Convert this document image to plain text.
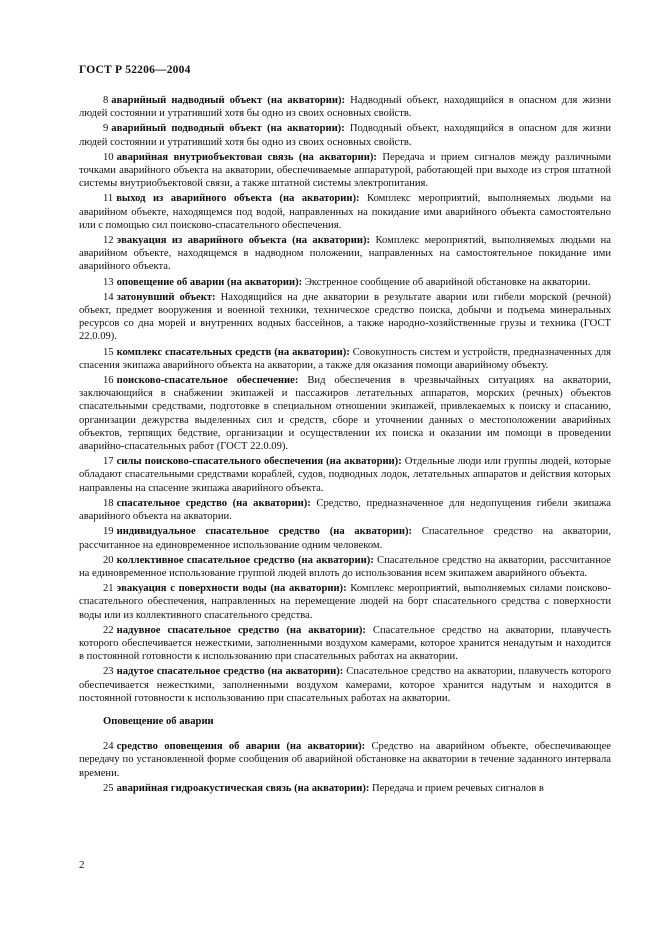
ГОСТ Р 52206—2004

8 аварийный надводный объект (на акватории): Надводный объект, находящийся в опасном для жизни людей состоянии и утративший хотя бы одно из своих основных свойств.

9 аварийный подводный объект (на акватории): Подводный объект, находящийся в опасном для жизни людей состоянии и утративший хотя бы одно из своих основных свойств.

10 аварийная внутриобъектовая связь (на акватории): Передача и прием сигналов между различными точками аварийного объекта на акватории, обеспечиваемые аппаратурой, работающей при выходе из строя штатной системы внутриобъектовой связи, а также штатной системы электропитания.

11 выход из аварийного объекта (на акватории): Комплекс мероприятий, выполняемых людьми на аварийном объекте, находящемся под водой, направленных на покидание ими аварийного объекта самостоятельно или с помощью сил поисково-спасательного обеспечения.

12 эвакуация из аварийного объекта (на акватории): Комплекс мероприятий, выполняемых людьми на аварийном объекте, находящемся в надводном положении, направленных на самостоятельное покидание ими аварийного объекта.

13 оповещение об аварии (на акватории): Экстренное сообщение об аварийной обстановке на акватории.

14 затонувший объект: Находящийся на дне акватории в результате аварии или гибели морской (речной) объект, предмет вооружения и военной техники, техническое средство поиска, добычи и подъема минеральных ресурсов со дна морей и внутренних водных бассейнов, а также народно-хозяйственные грузы и техника (ГОСТ 22.0.09).

15 комплекс спасательных средств (на акватории): Совокупность систем и устройств, предназначенных для спасения экипажа аварийного объекта на акватории, а также для оказания помощи аварийному объекту.

16 поисково-спасательное обеспечение: Вид обеспечения в чрезвычайных ситуациях на акватории, заключающийся в снабжении экипажей и пассажиров летательных аппаратов, морских (речных) объектов спасательными средствами, подготовке в специальном отношении экипажей, привлекаемых к поиску и спасанию, организации дежурства выделенных сил и средств, сборе и уточнении данных о местоположении аварийных объектов, терпящих бедствие, организации и осуществлении их поиска и оказании им помощи в проведении аварийно-спасательных работ (ГОСТ 22.0.09).

17 силы поисково-спасательного обеспечения (на акватории): Отдельные люди или группы людей, которые обладают спасательными средствами кораблей, судов, подводных лодок, летательных аппаратов и действия которых направлены на спасение экипажа аварийного объекта.

18 спасательное средство (на акватории): Средство, предназначенное для недопущения гибели экипажа аварийного объекта на акватории.

19 индивидуальное спасательное средство (на акватории): Спасательное средство на акватории, рассчитанное на единовременное использование одним человеком.

20 коллективное спасательное средство (на акватории): Спасательное средство на акватории, рассчитанное на единовременное использование группой людей вплоть до использования всем экипажем аварийного объекта.

21 эвакуация с поверхности воды (на акватории): Комплекс мероприятий, выполняемых силами поисково-спасательного обеспечения, направленных на перемещение людей на борт спасательного средства с поверхности воды или из коллективного спасательного средства.

22 надувное спасательное средство (на акватории): Спасательное средство на акватории, плавучесть которого обеспечивается нежесткими, заполненными воздухом камерами, которое хранится ненадутым и находится в постоянной готовности к использованию при спасательных работах на акватории.

23 надутое спасательное средство (на акватории): Спасательное средство на акватории, плавучесть которого обеспечивается нежесткими, заполненными воздухом камерами, которое хранится надутым и находится в постоянной готовности к использованию при спасательных работах на акватории.

Оповещение об аварии

24 средство оповещения об аварии (на акватории): Средство на аварийном объекте, обеспечивающее передачу по установленной форме сообщения об аварийной обстановке на акватории в течение заданного интервала времени.

25 аварийная гидроакустическая связь (на акватории): Передача и прием речевых сигналов в

2
